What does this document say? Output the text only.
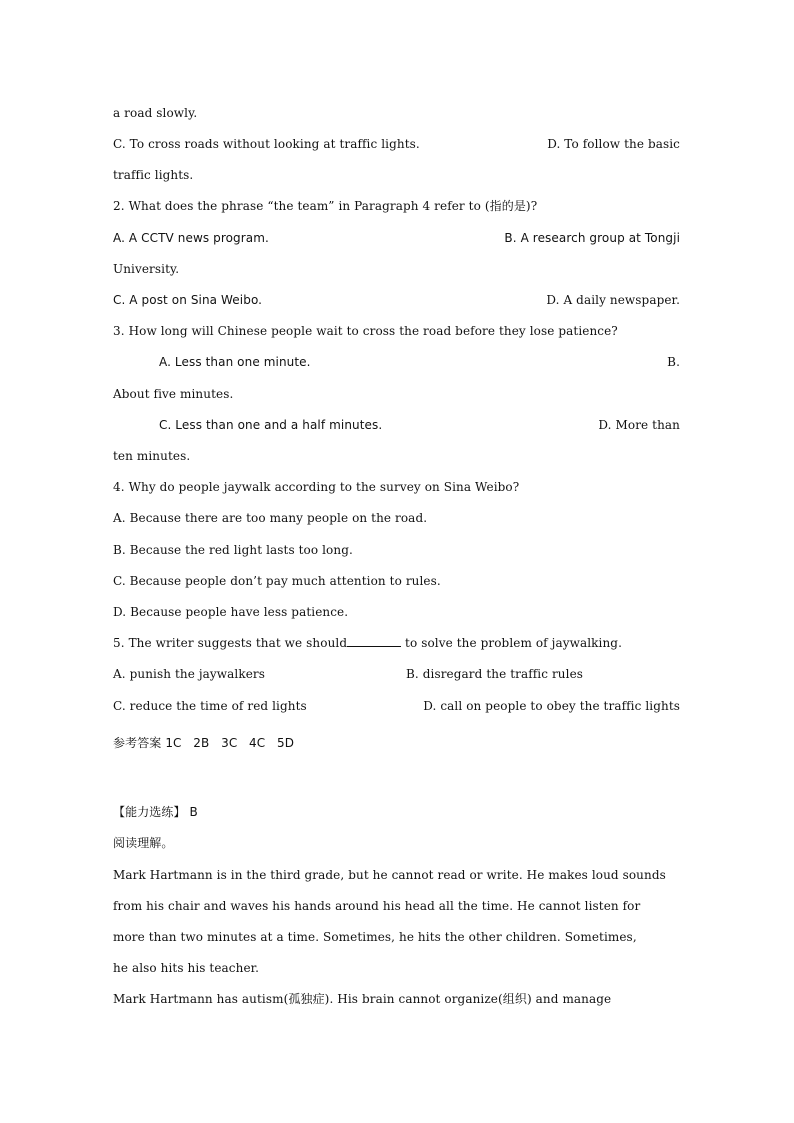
a road slowly.
C. To cross roads without looking at traffic lights.	D. To follow the basic
traffic lights.
2. What does the phrase “the team” in Paragraph 4 refer to (指的是)?
A. A CCTV news program.	B. A research group at Tongji
University.
C. A post on Sina Weibo.	D. A daily newspaper.
3. How long will Chinese people wait to cross the road before they lose patience?
A. Less than one minute.	B.
About five minutes.
C. Less than one and a half minutes.	D. More than
ten minutes.
4. Why do people jaywalk according to the survey on Sina Weibo?
A. Because there are too many people on the road.
B. Because the red light lasts too long.
C. Because people don’t pay much attention to rules.
D. Because people have less patience.
5. The writer suggests that we should	to solve the problem of jaywalking.
A. punish the jaywalkers	B. disregard the traffic rules
C. reduce the time of red lights	D. call on people to obey the traffic lights
参考答案 1C   2B   3C   4C   5D
【能力选练】 B
阅读理解。
Mark Hartmann is in the third grade, but he cannot read or write. He makes loud sounds
from his chair and waves his hands around his head all the time. He cannot listen for
more than two minutes at a time. Sometimes, he hits the other children. Sometimes,
he also hits his teacher.
Mark Hartmann has autism(孤独症). His brain cannot organize(组织) and manage
